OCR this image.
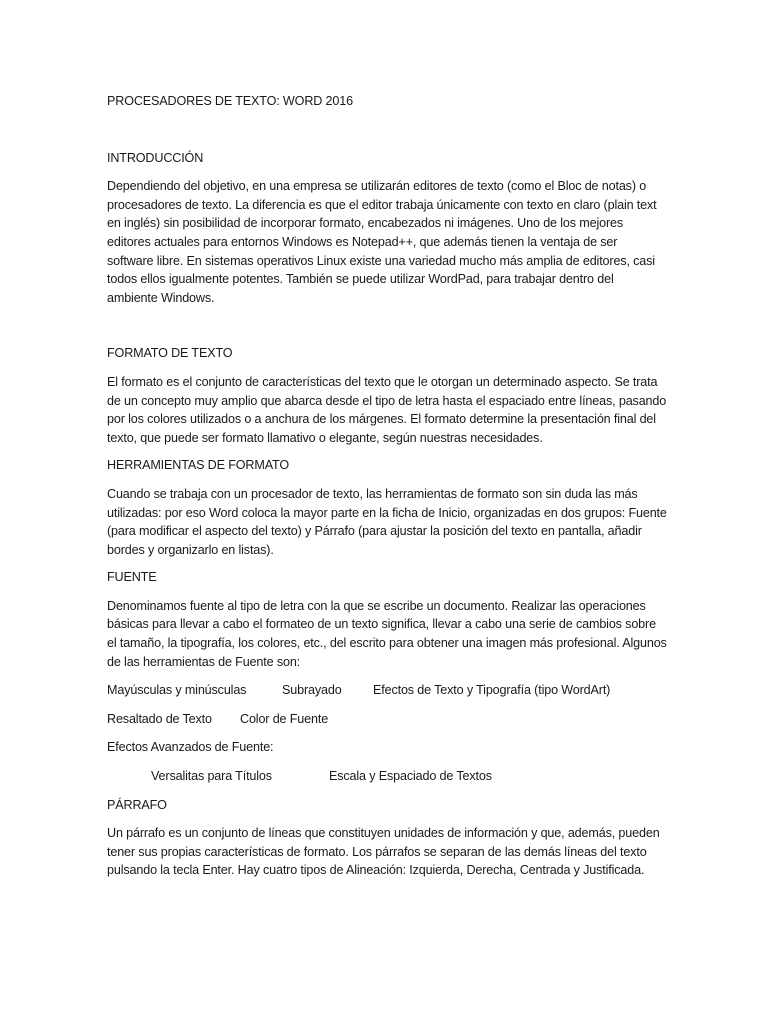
PROCESADORES DE TEXTO: WORD 2016
INTRODUCCIÓN

Dependiendo del objetivo, en una empresa se utilizarán editores de texto (como el Bloc de notas) o procesadores de texto. La diferencia es que el editor trabaja únicamente con texto en claro (plain text en inglés) sin posibilidad de incorporar formato, encabezados ni imágenes. Uno de los mejores editores actuales para entornos Windows es Notepad++, que además tienen la ventaja de ser software libre. En sistemas operativos Linux existe una variedad mucho más amplia de editores, casi todos ellos igualmente potentes. También se puede utilizar WordPad, para trabajar dentro del ambiente Windows.

FORMATO DE TEXTO

El formato es el conjunto de características del texto que le otorgan un determinado aspecto. Se trata de un concepto muy amplio que abarca desde el tipo de letra hasta el espaciado entre líneas, pasando por los colores utilizados o a anchura de los márgenes. El formato determine la presentación final del texto, que puede ser formato llamativo o elegante, según nuestras necesidades.

HERRAMIENTAS DE FORMATO

Cuando se trabaja con un procesador de texto, las herramientas de formato son sin duda las más utilizadas: por eso Word coloca la mayor parte en la ficha de Inicio, organizadas en dos grupos: Fuente (para modificar el aspecto del texto) y Párrafo (para ajustar la posición del texto en pantalla, añadir bordes y organizarlo en listas).

FUENTE

Denominamos fuente al tipo de letra con la que se escribe un documento. Realizar las operaciones básicas para llevar a cabo el formateo de un texto significa, llevar a cabo una serie de cambios sobre el tamaño, la tipografía, los colores, etc., del escrito para obtener una imagen más profesional. Algunos de las herramientas de Fuente son:

Mayúsculas y minúsculas	Subrayado	Efectos de Texto y Tipografía (tipo WordArt)
Resaltado de Texto	Color de Fuente
Efectos Avanzados de Fuente:
Versalitas para Títulos	Escala y Espaciado de Textos
PÁRRAFO

Un párrafo es un conjunto de líneas que constituyen unidades de información y que, además, pueden tener sus propias características de formato. Los párrafos se separan de las demás líneas del texto pulsando la tecla Enter. Hay cuatro tipos de Alineación: Izquierda, Derecha, Centrada y Justificada.
